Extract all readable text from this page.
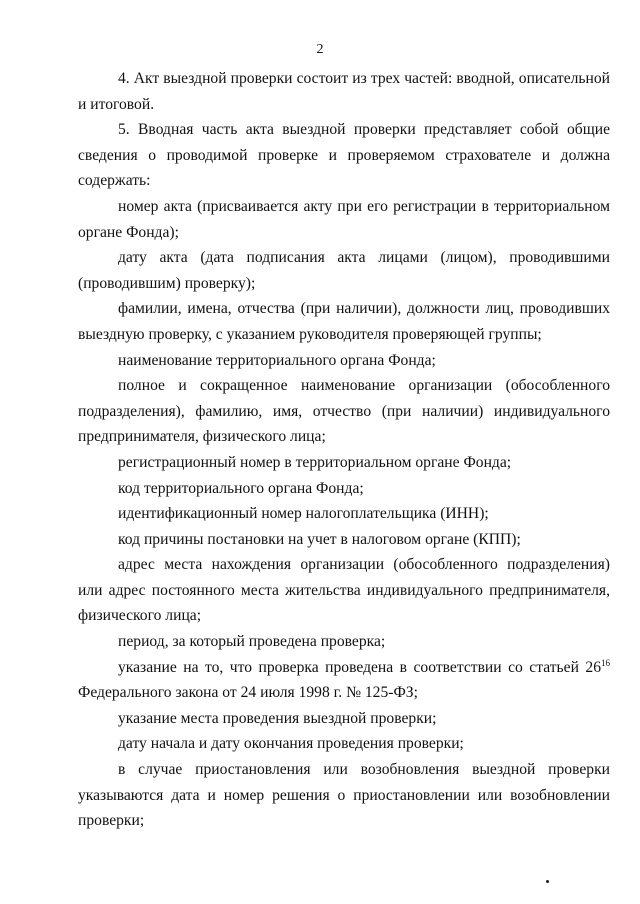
2

4. Акт выездной проверки состоит из трех частей: вводной, описательной и итоговой.

5. Вводная часть акта выездной проверки представляет собой общие сведения о проводимой проверке и проверяемом страхователе и должна содержать:

номер акта (присваивается акту при его регистрации в территориальном органе Фонда);

дату акта (дата подписания акта лицами (лицом), проводившими (проводившим) проверку);

фамилии, имена, отчества (при наличии), должности лиц, проводивших выездную проверку, с указанием руководителя проверяющей группы;

наименование территориального органа Фонда;

полное и сокращенное наименование организации (обособленного подразделения), фамилию, имя, отчество (при наличии) индивидуального предпринимателя, физического лица;

регистрационный номер в территориальном органе Фонда;

код территориального органа Фонда;

идентификационный номер налогоплательщика (ИНН);

код причины постановки на учет в налоговом органе (КПП);

адрес места нахождения организации (обособленного подразделения) или адрес постоянного места жительства индивидуального предпринимателя, физического лица;

период, за который проведена проверка;

указание на то, что проверка проведена в соответствии со статьей $26^{16}$ Федерального закона от 24 июля 1998 г. № 125-ФЗ;

указание места проведения выездной проверки;

дату начала и дату окончания проведения проверки;

в случае приостановления или возобновления выездной проверки указываются дата и номер решения о приостановлении или возобновлении проверки;
